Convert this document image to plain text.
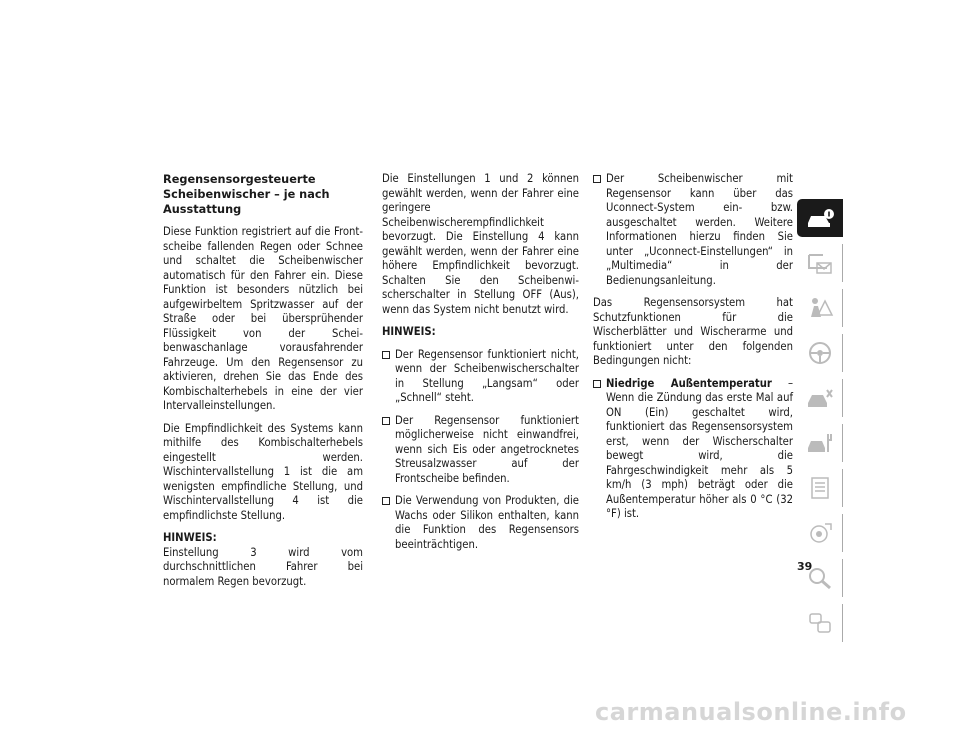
Regensensorgesteuerte Scheibenwischer – je nach Ausstattung

Diese Funktion registriert auf die Frontscheibe fallenden Regen oder Schnee und schaltet die Scheibenwischer automatisch für den Fahrer ein. Diese Funktion ist besonders nützlich bei aufgewirbeltem Spritzwasser auf der Straße oder bei übersprühender Flüssigkeit von der Scheibenwaschanlage vorausfahrender Fahrzeuge. Um den Regensensor zu aktivieren, drehen Sie das Ende des Kombischalterhebels in eine der vier Intervalleinstellungen.

Die Empfindlichkeit des Systems kann mithilfe des Kombischalterhebels eingestellt werden. Wischintervallstellung 1 ist die am wenigsten empfindliche Stellung, und Wischintervallstellung 4 ist die empfindlichste Stellung.

HINWEIS:
Einstellung 3 wird vom durchschnittlichen Fahrer bei normalem Regen bevorzugt.

Die Einstellungen 1 und 2 können gewählt werden, wenn der Fahrer eine geringere Scheibenwischerempfindlichkeit bevorzugt. Die Einstellung 4 kann gewählt werden, wenn der Fahrer eine höhere Empfindlichkeit bevorzugt. Schalten Sie den Scheibenwischerschalter in Stellung OFF (Aus), wenn das System nicht benutzt wird.

HINWEIS:

Der Regensensor funktioniert nicht, wenn der Scheibenwischerschalter in Stellung „Langsam“ oder „Schnell“ steht.
Der Regensensor funktioniert möglicherweise nicht einwandfrei, wenn sich Eis oder angetrocknetes Streusalzwasser auf der Frontscheibe befinden.
Die Verwendung von Produkten, die Wachs oder Silikon enthalten, kann die Funktion des Regensensors beeinträchtigen.
Der Scheibenwischer mit Regensensor kann über das Uconnect-System ein- bzw. ausgeschaltet werden. Weitere Informationen hierzu finden Sie unter „Uconnect-Einstellungen“ in „Multimedia“ in der Bedienungsanleitung.

Das Regensensorsystem hat Schutzfunktionen für die Wischerblätter und Wischerarme und funktioniert unter den folgenden Bedingungen nicht:

Niedrige Außentemperatur – Wenn die Zündung das erste Mal auf ON (Ein) geschaltet wird, funktioniert das Regensensorsystem erst, wenn der Wischerschalter bewegt wird, die Fahrgeschwindigkeit mehr als 5 km/h (3 mph) beträgt oder die Außentemperatur höher als 0 °C (32 °F) ist.
39
carmanualsonline.info
